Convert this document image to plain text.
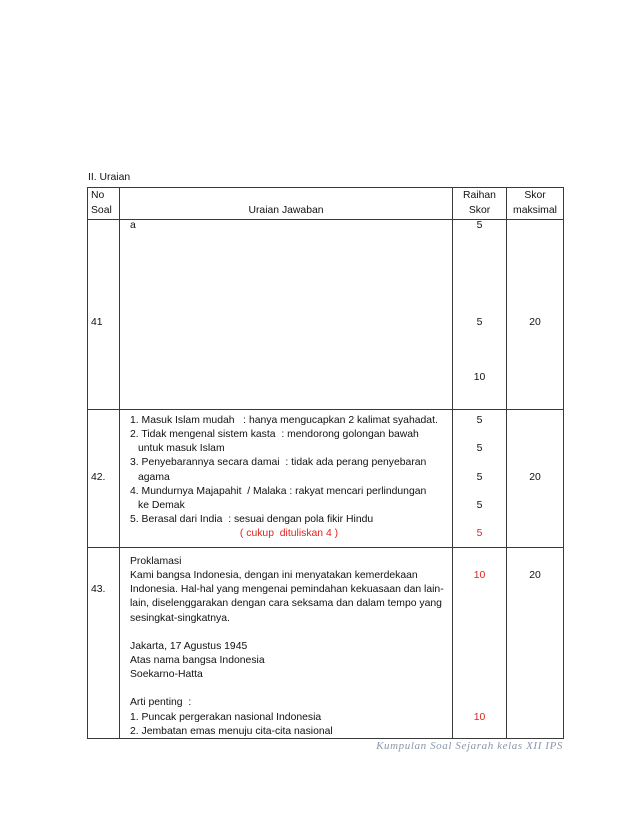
II. Uraian
No
Soal	Uraian Jawaban
Raihan
Skor
Skor
maksimal
41
a	5
5
10
20
42.
1. Masuk Islam mudah   : hanya mengucapkan 2 kalimat syahadat.
2. Tidak mengenal sistem kasta  : mendorong golongan bawah
untuk masuk Islam
3. Penyebarannya secara damai  : tidak ada perang penyebaran
agama
4. Mundurnya Majapahit  / Malaka : rakyat mencari perlindungan
ke Demak
5. Berasal dari India  : sesuai dengan pola fikir Hindu
( cukup  dituliskan 4 )
5
5
5
5
5
20
43.
Proklamasi
Kami bangsa Indonesia, dengan ini menyatakan kemerdekaan
Indonesia. Hal-hal yang mengenai pemindahan kekuasaan dan lain-
lain, diselenggarakan dengan cara seksama dan dalam tempo yang
sesingkat-singkatnya.
Jakarta, 17 Agustus 1945
Atas nama bangsa Indonesia
Soekarno-Hatta
Arti penting  :
1. Puncak pergerakan nasional Indonesia
2. Jembatan emas menuju cita-cita nasional
10
10
20
Kumpulan Soal Sejarah kelas XII IPS
